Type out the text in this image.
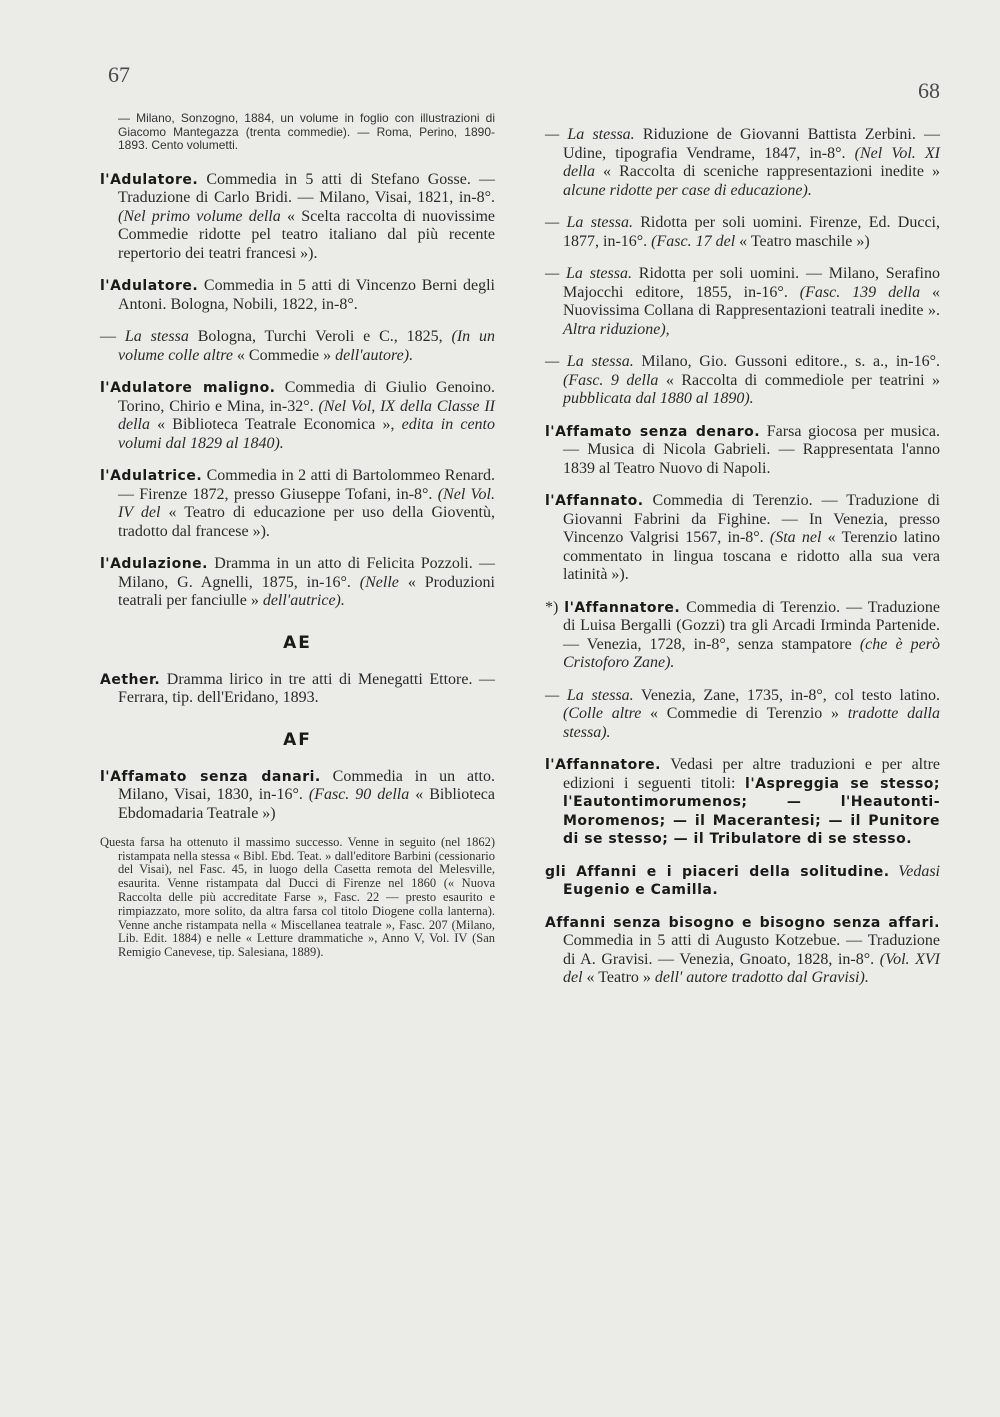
67
68

— Milano, Sonzogno, 1884, un volume in foglio con illustrazioni di Giacomo Mantegazza (trenta commedie). — Roma, Perino, 1890-1893. Cento volumetti.

l'Adulatore. Commedia in 5 atti di Stefano Gosse. — Traduzione di Carlo Bridi. — Milano, Visai, 1821, in-8°. (Nel primo volume della « Scelta raccolta di nuovissime Commedie ridotte pel teatro italiano dal più recente repertorio dei teatri francesi »).

l'Adulatore. Commedia in 5 atti di Vincenzo Berni degli Antoni. Bologna, Nobili, 1822, in-8°.

— La stessa Bologna, Turchi Veroli e C., 1825, (In un volume colle altre « Commedie » dell'autore).

l'Adulatore maligno. Commedia di Giulio Genoino. Torino, Chirio e Mina, in-32°. (Nel Vol, IX della Classe II della « Biblioteca Teatrale Economica », edita in cento volumi dal 1829 al 1840).

l'Adulatrice. Commedia in 2 atti di Bartolommeo Renard. — Firenze 1872, presso Giuseppe Tofani, in-8°. (Nel Vol. IV del « Teatro di educazione per uso della Gioventù, tradotto dal francese »).

l'Adulazione. Dramma in un atto di Felicita Pozzoli. — Milano, G. Agnelli, 1875, in-16°. (Nelle « Produzioni teatrali per fanciulle » dell'autrice).

AE

Aether. Dramma lirico in tre atti di Menegatti Ettore. — Ferrara, tip. dell'Eridano, 1893.

AF

l'Affamato senza danari. Commedia in un atto. Milano, Visai, 1830, in-16°. (Fasc. 90 della « Biblioteca Ebdomadaria Teatrale »)

Questa farsa ha ottenuto il massimo successo. Venne in seguito (nel 1862) ristampata nella stessa « Bibl. Ebd. Teat. » dall'editore Barbini (cessionario del Visai), nel Fasc. 45, in luogo della Casetta remota del Melesville, esaurita. Venne ristampata dal Ducci di Firenze nel 1860 (« Nuova Raccolta delle più accreditate Farse », Fasc. 22 — presto esaurito e rimpiazzato, more solito, da altra farsa col titolo Diogene colla lanterna). Venne anche ristampata nella « Miscellanea teatrale », Fasc. 207 (Milano, Lib. Edit. 1884) e nelle « Letture drammatiche », Anno V, Vol. IV (San Remigio Canevese, tip. Salesiana, 1889).

— La stessa. Riduzione de Giovanni Battista Zerbini. — Udine, tipografia Vendrame, 1847, in-8°. (Nel Vol. XI della « Raccolta di sceniche rappresentazioni inedite » alcune ridotte per case di educazione).

— La stessa. Ridotta per soli uomini. Firenze, Ed. Ducci, 1877, in-16°. (Fasc. 17 del « Teatro maschile »)

— La stessa. Ridotta per soli uomini. — Milano, Serafino Majocchi editore, 1855, in-16°. (Fasc. 139 della « Nuovissima Collana di Rappresentazioni teatrali inedite ». Altra riduzione),

— La stessa. Milano, Gio. Gussoni editore., s. a., in-16°. (Fasc. 9 della « Raccolta di commediole per teatrini » pubblicata dal 1880 al 1890).

l'Affamato senza denaro. Farsa giocosa per musica. — Musica di Nicola Gabrieli. — Rappresentata l'anno 1839 al Teatro Nuovo di Napoli.

l'Affannato. Commedia di Terenzio. — Traduzione di Giovanni Fabrini da Fighine. — In Venezia, presso Vincenzo Valgrisi 1567, in-8°. (Sta nel « Terenzio latino commentato in lingua toscana e ridotto alla sua vera latinità »).

*) l'Affannatore. Commedia di Terenzio. — Traduzione di Luisa Bergalli (Gozzi) tra gli Arcadi Irminda Partenide. — Venezia, 1728, in-8°, senza stampatore (che è però Cristoforo Zane).

— La stessa. Venezia, Zane, 1735, in-8°, col testo latino. (Colle altre « Commedie di Terenzio » tradotte dalla stessa).

l'Affannatore. Vedasi per altre traduzioni e per altre edizioni i seguenti titoli: l'Aspreggia se stesso; l'Eautontimorumenos; — l'Heautonti-Moromenos; — il Macerantesi; — il Punitore di se stesso; — il Tribulatore di se stesso.

gli Affanni e i piaceri della solitudine. Vedasi Eugenio e Camilla.

Affanni senza bisogno e bisogno senza affari. Commedia in 5 atti di Augusto Kotzebue. — Traduzione di A. Gravisi. — Venezia, Gnoato, 1828, in-8°. (Vol. XVI del « Teatro » dell' autore tradotto dal Gravisi).
